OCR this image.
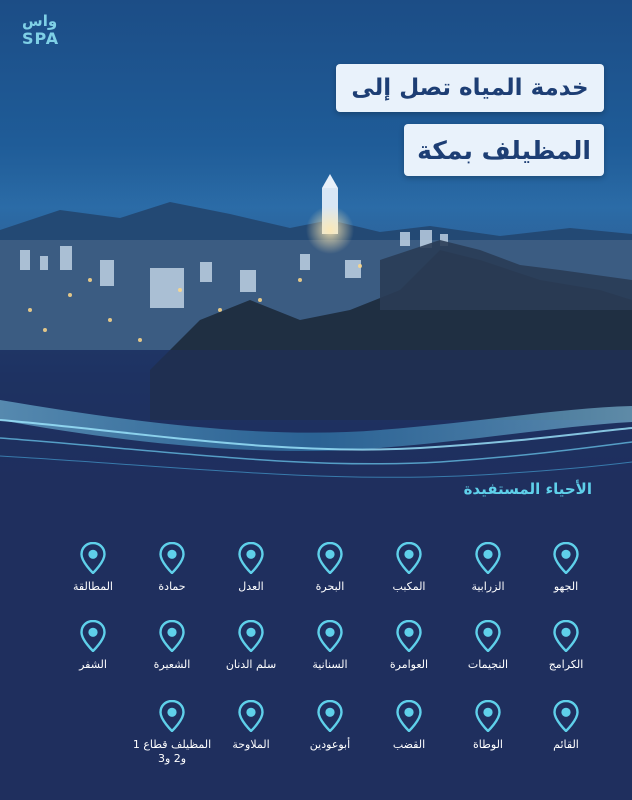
واس
SPA
خدمة المياه تصل إلى
المظيلف بمكة
الأحياء المستفيدة
الجهو
الزرابية
المكبب
البحرة
العدل
حمادة
المطالقة
الكرامج
النجيمات
العوامرة
السنانية
سلم الدنان
الشعيرة
الشفر
القائم
الوطاة
القضب
أبوعودين
الملاوحة
المظيلف قطاع 1 و2 و3
